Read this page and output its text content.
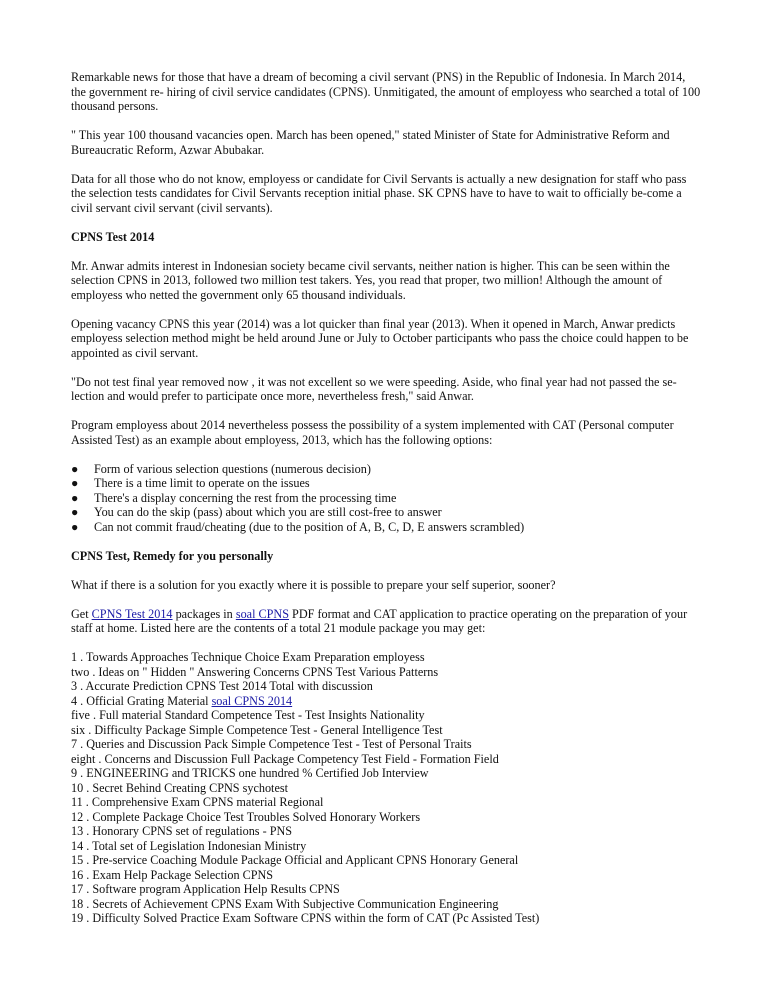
Remarkable news for those that have a dream of becoming a civil servant (PNS) in the Republic of Indonesia. In March 2014, the government re- hiring of civil service candidates (CPNS). Unmitigated, the amount of employess who searched a total of 100 thousand persons.

" This year 100 thousand vacancies open. March has been opened," stated Minister of State for Administrative Reform and Bureaucratic Reform, Azwar Abubakar.

Data for all those who do not know, employess or candidate for Civil Servants is actually a new designation for staff who pass the selection tests candidates for Civil Servants reception initial phase. SK CPNS have to have to wait to officially be-come a civil servant civil servant (civil servants).

CPNS Test 2014

Mr. Anwar admits interest in Indonesian society became civil servants, neither nation is higher. This can be seen within the selection CPNS in 2013, followed two million test takers. Yes, you read that proper, two million! Although the amount of employess who netted the government only 65 thousand individuals.

Opening vacancy CPNS this year (2014) was a lot quicker than final year (2013). When it opened in March, Anwar predicts employess selection method might be held around June or July to October participants who pass the choice could happen to be appointed as civil servant.

"Do not test final year removed now , it was not excellent so we were speeding. Aside, who final year had not passed the se-lection and would prefer to participate once more, nevertheless fresh," said Anwar.

Program employess about 2014 nevertheless possess the possibility of a system implemented with CAT (Personal computer Assisted Test) as an example about employess, 2013, which has the following options:

● Form of various selection questions (numerous decision)
● There is a time limit to operate on the issues
● There's a display concerning the rest from the processing time
● You can do the skip (pass) about which you are still cost-free to answer
● Can not commit fraud/cheating (due to the position of A, B, C, D, E answers scrambled)
CPNS Test, Remedy for you personally

What if there is a solution for you exactly where it is possible to prepare your self superior, sooner?

Get CPNS Test 2014 packages in soal CPNS PDF format and CAT application to practice operating on the preparation of your staff at home. Listed here are the contents of a total 21 module package you may get:

1 . Towards Approaches Technique Choice Exam Preparation employess
two . Ideas on " Hidden " Answering Concerns CPNS Test Various Patterns
3 . Accurate Prediction CPNS Test 2014 Total with discussion
4 . Official Grating Material soal CPNS 2014
five . Full material Standard Competence Test - Test Insights Nationality
six . Difficulty Package Simple Competence Test - General Intelligence Test
7 . Queries and Discussion Pack Simple Competence Test - Test of Personal Traits
eight . Concerns and Discussion Full Package Competency Test Field - Formation Field
9 . ENGINEERING and TRICKS one hundred % Certified Job Interview
10 . Secret Behind Creating CPNS sychotest
11 . Comprehensive Exam CPNS material Regional
12 . Complete Package Choice Test Troubles Solved Honorary Workers
13 . Honorary CPNS set of regulations - PNS
14 . Total set of Legislation Indonesian Ministry
15 . Pre-service Coaching Module Package Official and Applicant CPNS Honorary General
16 . Exam Help Package Selection CPNS
17 . Software program Application Help Results CPNS
18 . Secrets of Achievement CPNS Exam With Subjective Communication Engineering
19 . Difficulty Solved Practice Exam Software CPNS within the form of CAT (Pc Assisted Test)
